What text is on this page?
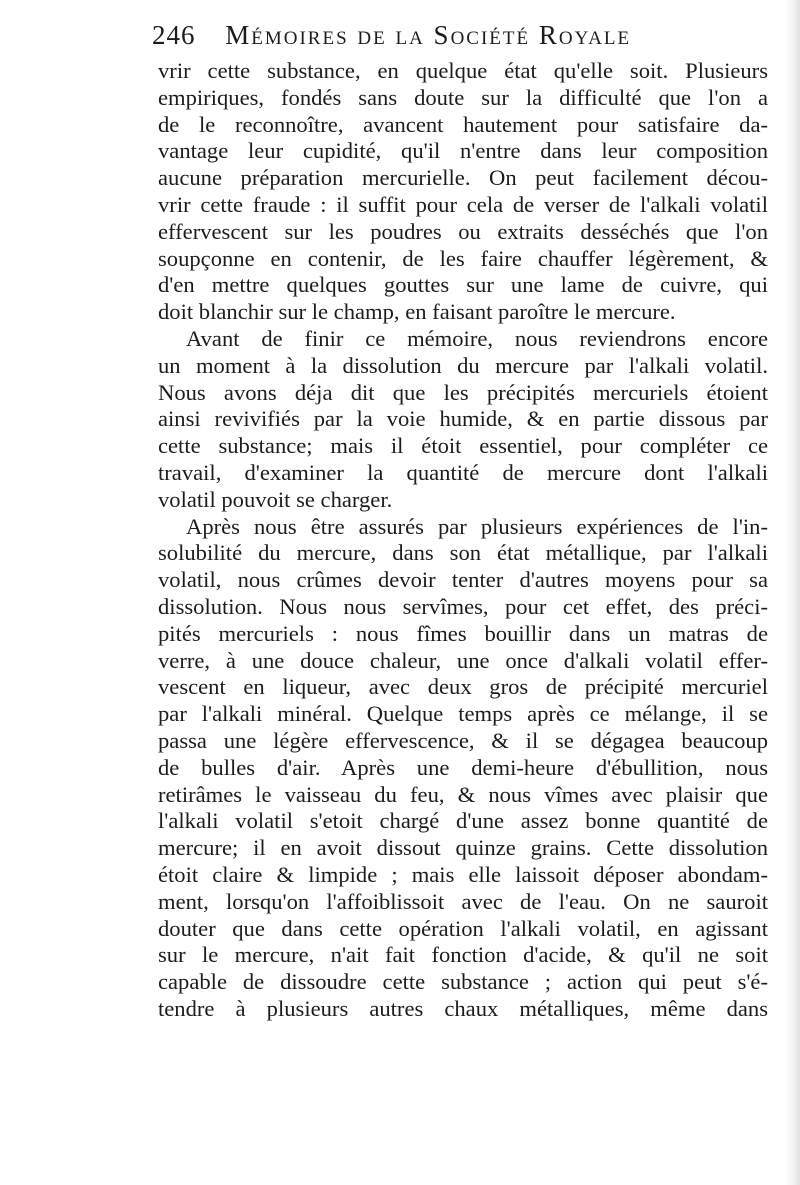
246 Mémoires de la Société Royale
vrir cette substance, en quelque état qu'elle soit. Plusieurs
empiriques, fondés sans doute sur la difficulté que l'on a
de le reconnoître, avancent hautement pour satisfaire da-
vantage leur cupidité, qu'il n'entre dans leur composition
aucune préparation mercurielle. On peut facilement décou-
vrir cette fraude : il suffit pour cela de verser de l'alkali volatil
effervescent sur les poudres ou extraits desséchés que l'on
soupçonne en contenir, de les faire chauffer légèrement, &
d'en mettre quelques gouttes sur une lame de cuivre, qui
doit blanchir sur le champ, en faisant paroître le mercure.
Avant de finir ce mémoire, nous reviendrons encore
un moment à la dissolution du mercure par l'alkali volatil.
Nous avons déja dit que les précipités mercuriels étoient
ainsi revivifiés par la voie humide, & en partie dissous par
cette substance; mais il étoit essentiel, pour compléter ce
travail, d'examiner la quantité de mercure dont l'alkali
volatil pouvoit se charger.
Après nous être assurés par plusieurs expériences de l'in-
solubilité du mercure, dans son état métallique, par l'alkali
volatil, nous crûmes devoir tenter d'autres moyens pour sa
dissolution. Nous nous servîmes, pour cet effet, des préci-
pités mercuriels : nous fîmes bouillir dans un matras de
verre, à une douce chaleur, une once d'alkali volatil effer-
vescent en liqueur, avec deux gros de précipité mercuriel
par l'alkali minéral. Quelque temps après ce mélange, il se
passa une légère effervescence, & il se dégagea beaucoup
de bulles d'air. Après une demi-heure d'ébullition, nous
retirâmes le vaisseau du feu, & nous vîmes avec plaisir que
l'alkali volatil s'etoit chargé d'une assez bonne quantité de
mercure; il en avoit dissout quinze grains. Cette dissolution
étoit claire & limpide ; mais elle laissoit déposer abondam-
ment, lorsqu'on l'affoiblissoit avec de l'eau. On ne sauroit
douter que dans cette opération l'alkali volatil, en agissant
sur le mercure, n'ait fait fonction d'acide, & qu'il ne soit
capable de dissoudre cette substance ; action qui peut s'é-
tendre à plusieurs autres chaux métalliques, même dans
